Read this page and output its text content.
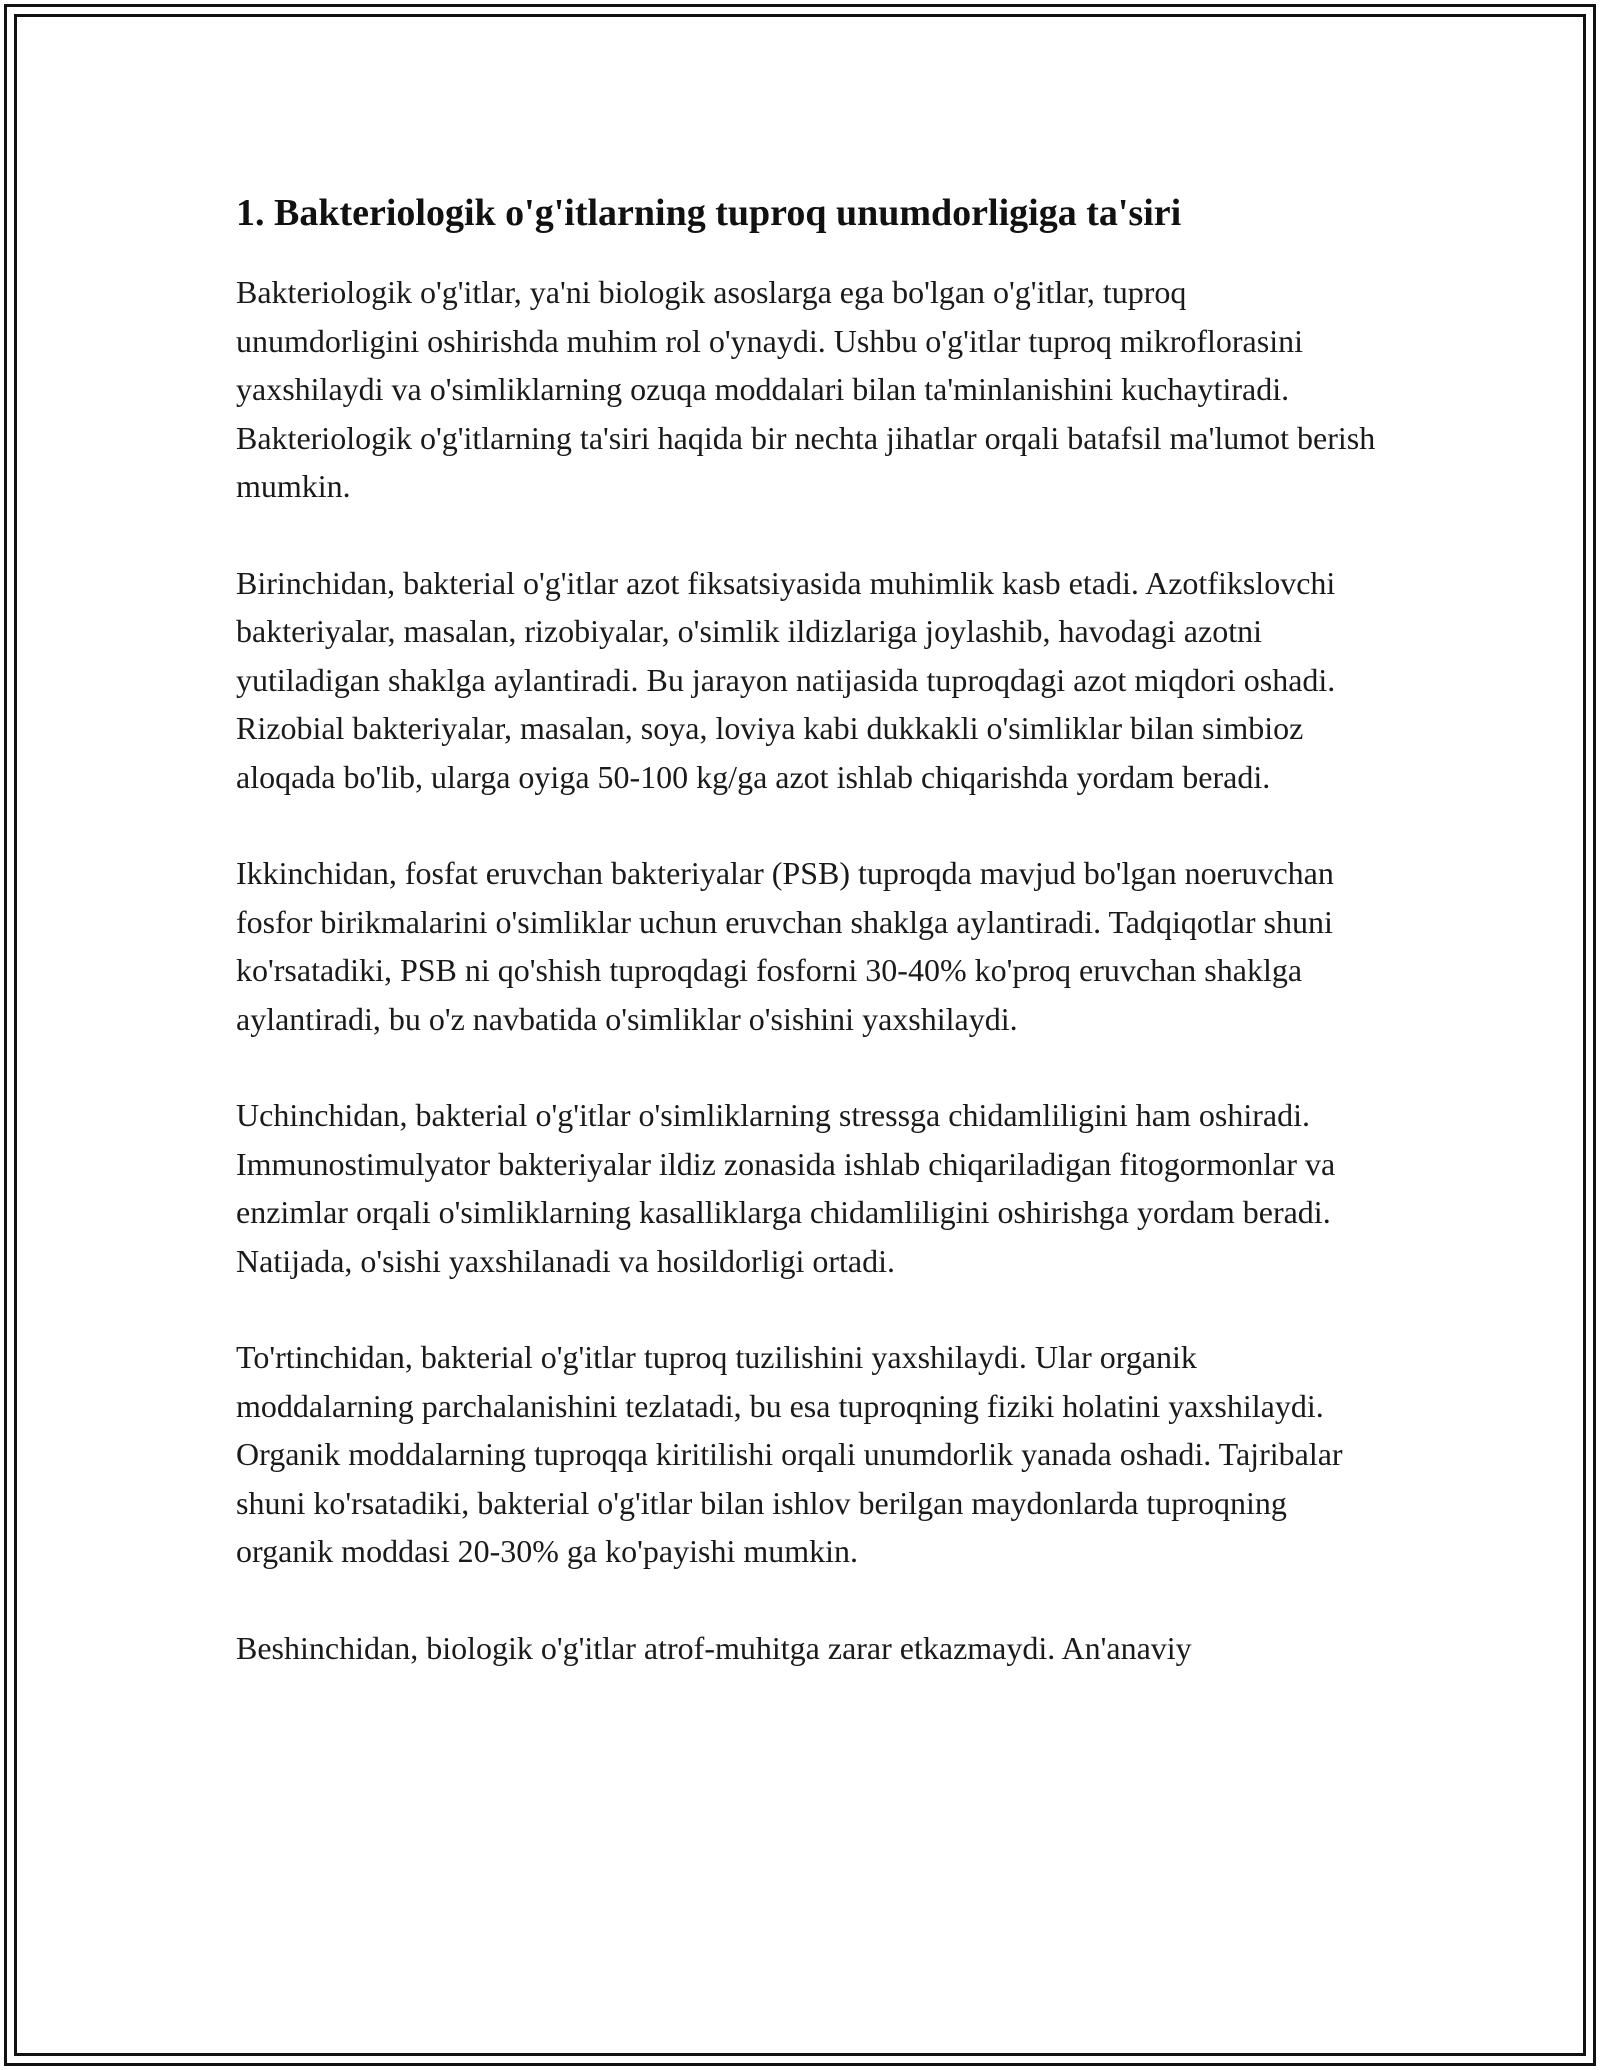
1. Bakteriologik o'g'itlarning tuproq unumdorligiga ta'siri

Bakteriologik o'g'itlar, ya'ni biologik asoslarga ega bo'lgan o'g'itlar, tuproq unumdorligini oshirishda muhim rol o'ynaydi. Ushbu o'g'itlar tuproq mikroflorasini yaxshilaydi va o'simliklarning ozuqa moddalari bilan ta'minlanishini kuchaytiradi. Bakteriologik o'g'itlarning ta'siri haqida bir nechta jihatlar orqali batafsil ma'lumot berish mumkin.

Birinchidan, bakterial o'g'itlar azot fiksatsiyasida muhimlik kasb etadi. Azotfikslovchi bakteriyalar, masalan, rizobiyalar, o'simlik ildizlariga joylashib, havodagi azotni yutiladigan shaklga aylantiradi. Bu jarayon natijasida tuproqdagi azot miqdori oshadi. Rizobial bakteriyalar, masalan, soya, loviya kabi dukkakli o'simliklar bilan simbioz aloqada bo'lib, ularga oyiga 50-100 kg/ga azot ishlab chiqarishda yordam beradi.

Ikkinchidan, fosfat eruvchan bakteriyalar (PSB) tuproqda mavjud bo'lgan noeruvchan fosfor birikmalarini o'simliklar uchun eruvchan shaklga aylantiradi. Tadqiqotlar shuni ko'rsatadiki, PSB ni qo'shish tuproqdagi fosforni 30-40% ko'proq eruvchan shaklga aylantiradi, bu o'z navbatida o'simliklar o'sishini yaxshilaydi.

Uchinchidan, bakterial o'g'itlar o'simliklarning stressga chidamliligini ham oshiradi. Immunostimulyator bakteriyalar ildiz zonasida ishlab chiqariladigan fitogormonlar va enzimlar orqali o'simliklarning kasalliklarga chidamliligini oshirishga yordam beradi. Natijada, o'sishi yaxshilanadi va hosildorligi ortadi.

To'rtinchidan, bakterial o'g'itlar tuproq tuzilishini yaxshilaydi. Ular organik moddalarning parchalanishini tezlatadi, bu esa tuproqning fiziki holatini yaxshilaydi. Organik moddalarning tuproqqa kiritilishi orqali unumdorlik yanada oshadi. Tajribalar shuni ko'rsatadiki, bakterial o'g'itlar bilan ishlov berilgan maydonlarda tuproqning organik moddasi 20-30% ga ko'payishi mumkin.

Beshinchidan, biologik o'g'itlar atrof-muhitga zarar etkazmaydi. An'anaviy
